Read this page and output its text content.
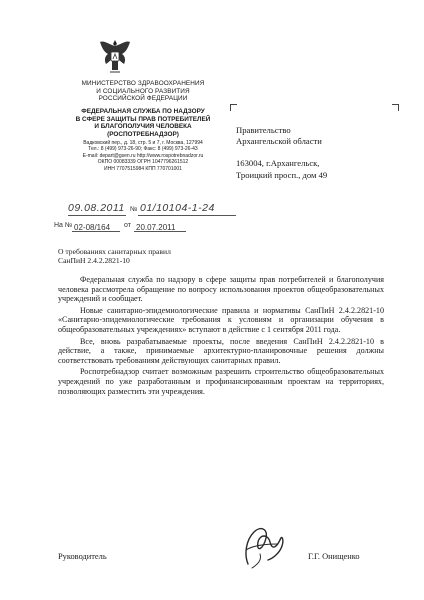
МИНИСТЕРСТВО ЗДРАВООХРАНЕНИЯ
И СОЦИАЛЬНОГО РАЗВИТИЯ
РОССИЙСКОЙ ФЕДЕРАЦИИ
ФЕДЕРАЛЬНАЯ СЛУЖБА ПО НАДЗОРУ
В СФЕРЕ ЗАЩИТЫ ПРАВ ПОТРЕБИТЕЛЕЙ
И БЛАГОПОЛУЧИЯ ЧЕЛОВЕКА
(РОСПОТРЕБНАДЗОР)
Вадковский пер., д. 18, стр. 5 и 7, г. Москва, 127994
Тел.: 8 (499) 973-26-90; Факс: 8 (499) 973-26-43
E-mail: depart@gsen.ru http://www.rospotrebnadzor.ru
ОКПО 00083339 ОГРН 1047796261512
ИНН 7707515984 КПП 770701001
09.08.2011 № 01/10104-1-24
На № 02-08/164 от 20.07.2011
Правительство
Архангельской области
163004, г.Архангельск,
Троицкий просп., дом 49
О требованиях санитарных правил
СанПиН 2.4.2.2821-10

Федеральная служба по надзору в сфере защиты прав потребителей и благополучия человека рассмотрела обращение по вопросу использования проектов общеобразовательных учреждений и сообщает.

Новые санитарно-эпидемиологические правила и нормативы СанПиН 2.4.2.2821-10 «Санитарно-эпидемиологические требования к условиям и организации обучения в общеобразовательных учреждениях» вступают в действие с 1 сентября 2011 года.

Все, вновь разрабатываемые проекты, после введения СанПиН 2.4.2.2821-10 в действие, а также, принимаемые архитектурно-планировочные решения должны соответствовать требованиям действующих санитарных правил.

Роспотребнадзор считает возможным разрешить строительство общеобразовательных учреждений по уже разработанным и профинансированным проектам на территориях, позволяющих разместить эти учреждения.

Руководитель	Г.Г. Онищенко
